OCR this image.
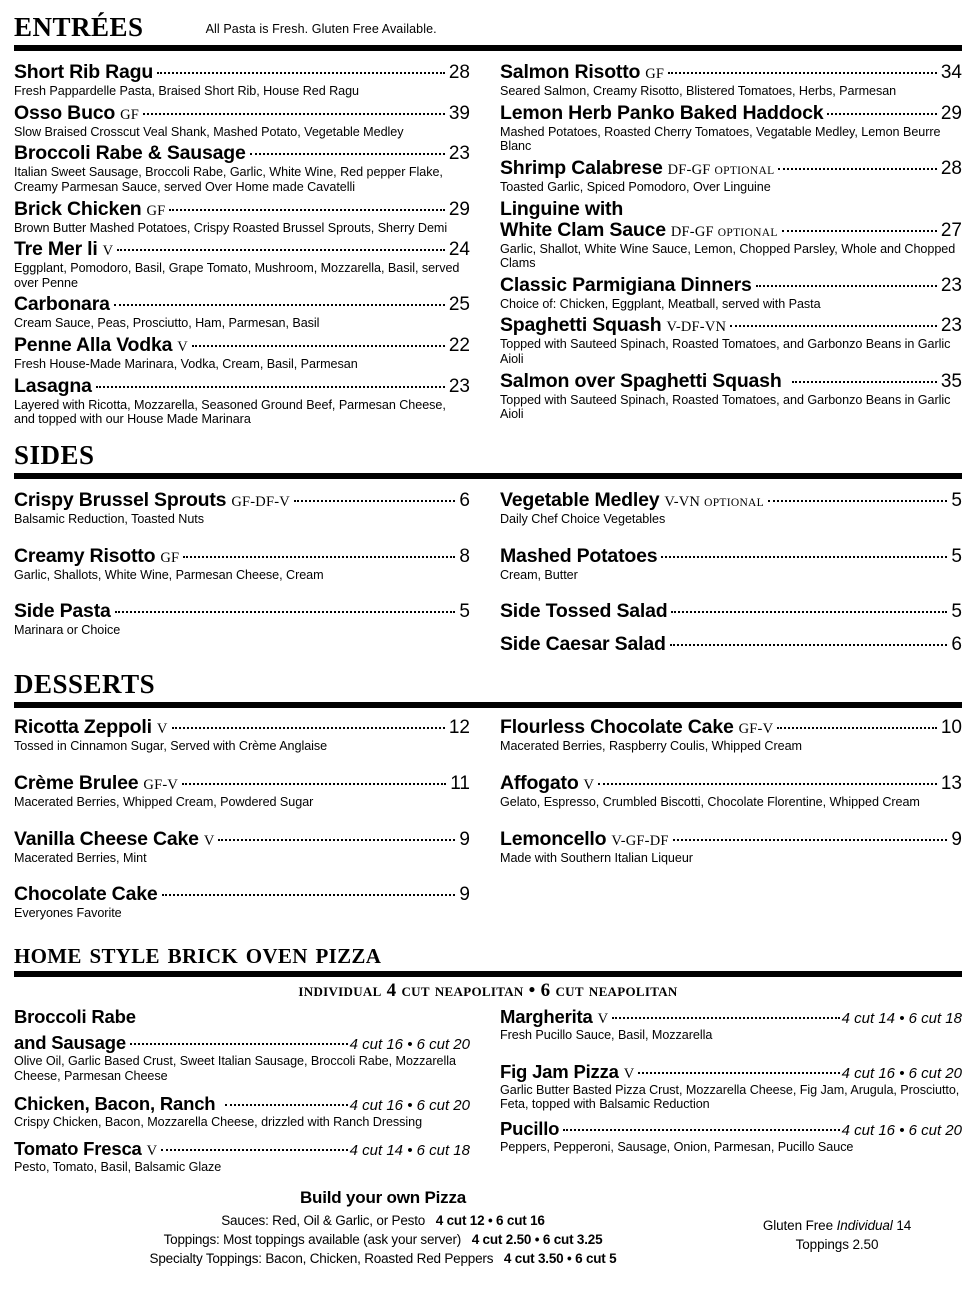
entrées	All Pasta is Fresh. Gluten Free Available.
Short Rib Ragu	28
Fresh Pappardelle Pasta, Braised Short Rib, House Red Ragu
Osso Buco GF	39
Slow Braised Crosscut Veal Shank, Mashed Potato, Vegetable Medley
Broccoli Rabe & Sausage	23
Italian Sweet Sausage, Broccoli Rabe, Garlic, White Wine, Red pepper Flake, Creamy Parmesan Sauce, served Over Home made Cavatelli
Brick Chicken GF	29
Brown Butter Mashed Potatoes, Crispy Roasted Brussel Sprouts, Sherry Demi
Tre Mer li V	24
Eggplant, Pomodoro, Basil, Grape Tomato, Mushroom, Mozzarella, Basil, served over Penne
Carbonara	25
Cream Sauce, Peas, Prosciutto, Ham, Parmesan, Basil
Penne Alla Vodka V	22
Fresh House-Made Marinara, Vodka, Cream, Basil, Parmesan
Lasagna	23
Layered with Ricotta, Mozzarella, Seasoned Ground Beef, Parmesan Cheese, and topped with our House Made Marinara
Salmon Risotto GF	34
Seared Salmon, Creamy Risotto, Blistered Tomatoes, Herbs, Parmesan
Lemon Herb Panko Baked Haddock	29
Mashed Potatoes, Roasted Cherry Tomatoes, Vegatable Medley, Lemon Beurre Blanc
Shrimp Calabrese DF-GF OPTIONAL	28
Toasted Garlic, Spiced Pomodoro, Over Linguine
Linguine with
White Clam Sauce DF-GF OPTIONAL	27
Garlic, Shallot, White Wine Sauce, Lemon, Chopped Parsley, Whole and Chopped Clams
Classic Parmigiana Dinners	23
Choice of: Chicken, Eggplant, Meatball, served with Pasta
Spaghetti Squash V-DF-VN	23
Topped with Sauteed Spinach, Roasted Tomatoes, and Garbonzo Beans in Garlic Aioli
Salmon over Spaghetti Squash	35
Topped with Sauteed Spinach, Roasted Tomatoes, and Garbonzo Beans in Garlic Aioli
sides
Crispy Brussel Sprouts GF-DF-V	6
Balsamic Reduction, Toasted Nuts
Creamy Risotto GF	8
Garlic, Shallots, White Wine, Parmesan Cheese, Cream
Side Pasta	5
Marinara or Choice
Vegetable Medley V-VN OPTIONAL	5
Daily Chef Choice Vegetables
Mashed Potatoes	5
Cream, Butter
Side Tossed Salad	5
Side Caesar Salad	6
desserts
Ricotta Zeppoli V	12
Tossed in Cinnamon Sugar, Served with Crème Anglaise
Crème Brulee GF-V	11
Macerated Berries, Whipped Cream, Powdered Sugar
Vanilla Cheese Cake V	9
Macerated Berries, Mint
Chocolate Cake	9
Everyones Favorite
Flourless Chocolate Cake GF-V	10
Macerated Berries, Raspberry Coulis, Whipped Cream
Affogato V	13
Gelato, Espresso, Crumbled Biscotti, Chocolate Florentine, Whipped Cream
Lemoncello V-GF-DF	9
Made with Southern Italian Liqueur
home style brick oven pizza
individual 4 cut neapolitan • 6 cut neapolitan
Broccoli Rabe
and Sausage	4 cut 16 • 6 cut 20
Olive Oil, Garlic Based Crust, Sweet Italian Sausage, Broccoli Rabe, Mozzarella Cheese, Parmesan Cheese
Chicken, Bacon, Ranch	4 cut 16 • 6 cut 20
Crispy Chicken, Bacon, Mozzarella Cheese, drizzled with Ranch Dressing
Tomato Fresca V	4 cut 14 • 6 cut 18
Pesto, Tomato, Basil, Balsamic Glaze
Margherita V	4 cut 14 • 6 cut 18
Fresh Pucillo Sauce, Basil, Mozzarella
Fig Jam Pizza V	4 cut 16 • 6 cut 20
Garlic Butter Basted Pizza Crust, Mozzarella Cheese, Fig Jam, Arugula, Prosciutto, Feta, topped with Balsamic Reduction
Pucillo	4 cut 16 • 6 cut 20
Peppers, Pepperoni, Sausage, Onion, Parmesan, Pucillo Sauce
Build your own Pizza
Sauces: Red, Oil & Garlic, or Pesto 4 cut 12 • 6 cut 16
Toppings: Most toppings available (ask your server) 4 cut 2.50 • 6 cut 3.25
Specialty Toppings: Bacon, Chicken, Roasted Red Peppers 4 cut 3.50 • 6 cut 5
Gluten Free Individual 14
Toppings 2.50
